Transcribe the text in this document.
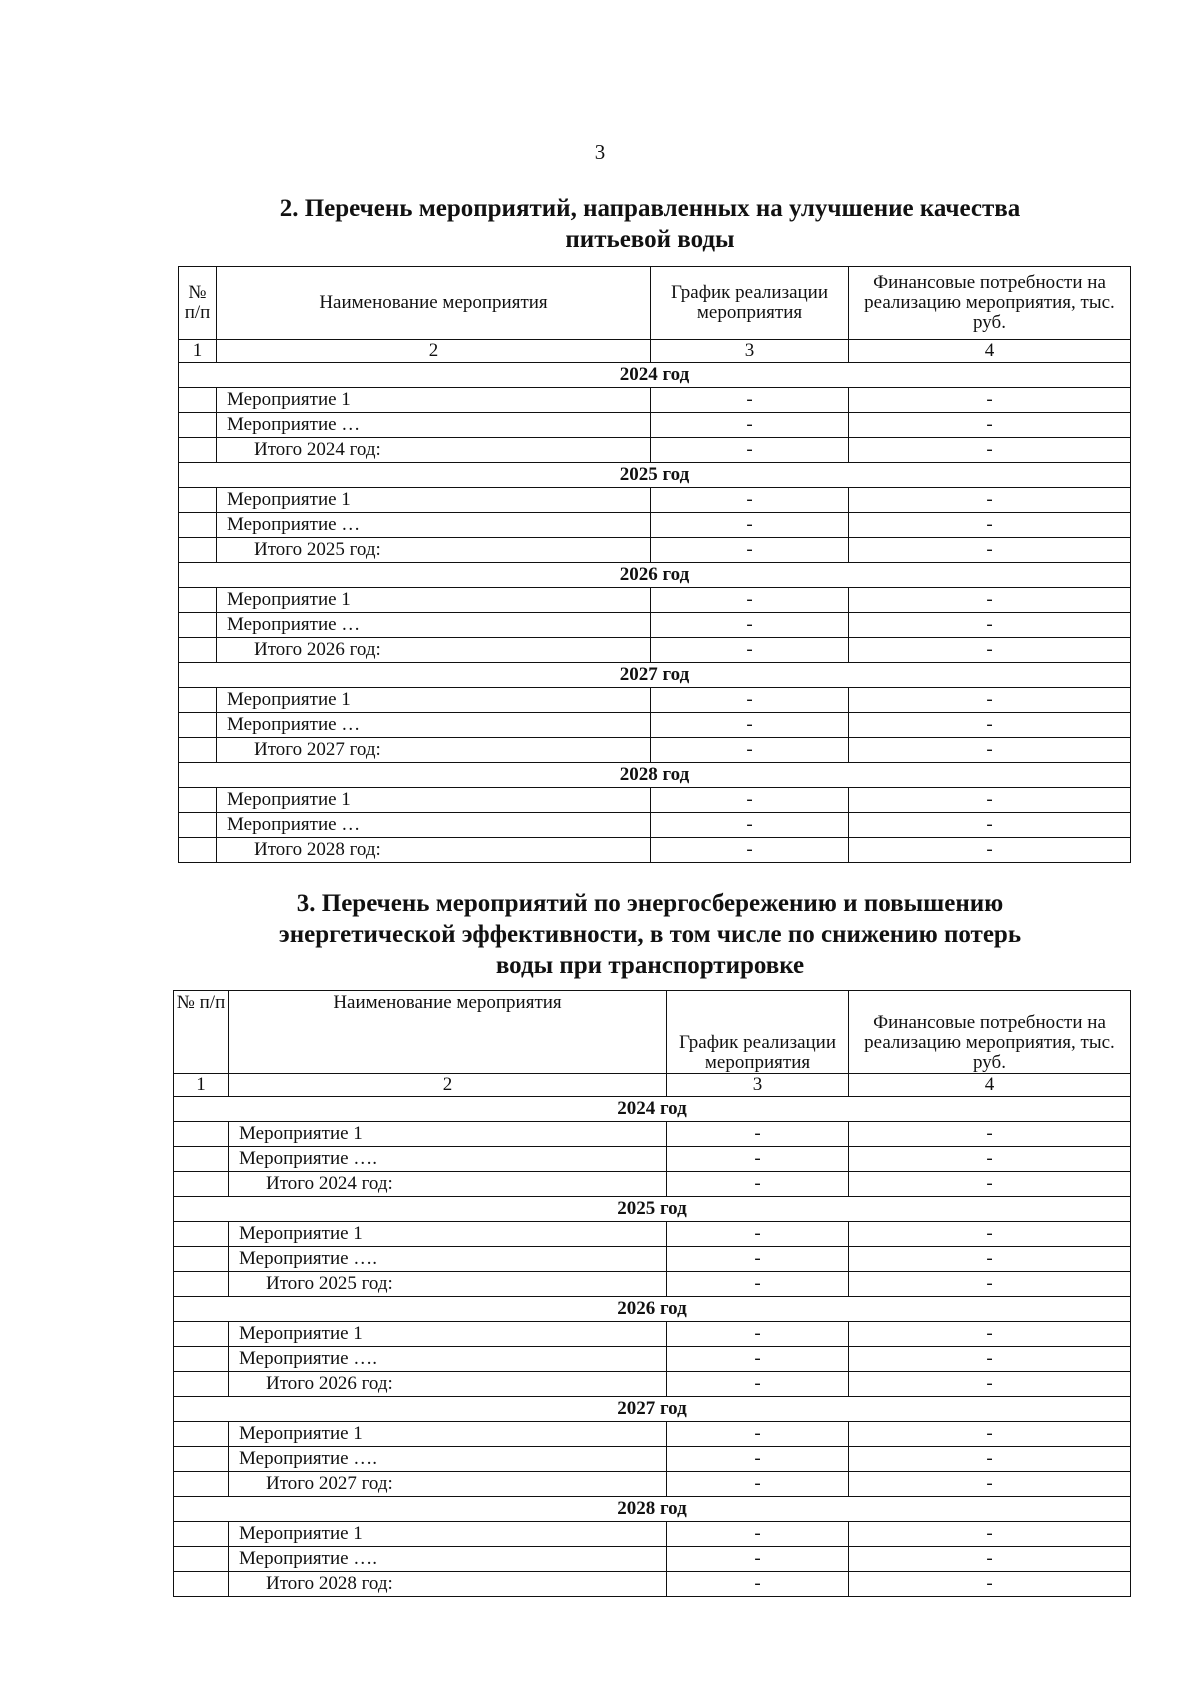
3
2. Перечень мероприятий, направленных на улучшение качества
питьевой воды
№ п/п	Наименование мероприятия	График реализации мероприятия	Финансовые потребности на реализацию мероприятия, тыс. руб.
1	2	3	4
2024 год			
	Мероприятие 1	-	-
	Мероприятие …	-	-
	Итого 2024 год:	-	-
2025 год			
	Мероприятие 1	-	-
	Мероприятие …	-	-
	Итого 2025 год:	-	-
2026 год			
	Мероприятие 1	-	-
	Мероприятие …	-	-
	Итого 2026 год:	-	-
2027 год			
	Мероприятие 1	-	-
	Мероприятие …	-	-
	Итого 2027 год:	-	-
2028 год			
	Мероприятие 1	-	-
	Мероприятие …	-	-
	Итого 2028 год:	-	-
3. Перечень мероприятий по энергосбережению и повышению
энергетической эффективности, в том числе по снижению потерь
воды при транспортировке
№ п/п	Наименование мероприятия	График реализации мероприятия	Финансовые потребности на реализацию мероприятия, тыс. руб.
1	2	3	4
2024 год			
	Мероприятие 1	-	-
	Мероприятие ….	-	-
	Итого 2024 год:	-	-
2025 год			
	Мероприятие 1	-	-
	Мероприятие ….	-	-
	Итого 2025 год:	-	-
2026 год			
	Мероприятие 1	-	-
	Мероприятие ….	-	-
	Итого 2026 год:	-	-
2027 год			
	Мероприятие 1	-	-
	Мероприятие ….	-	-
	Итого 2027 год:	-	-
2028 год			
	Мероприятие 1	-	-
	Мероприятие ….	-	-
	Итого 2028 год:	-	-
